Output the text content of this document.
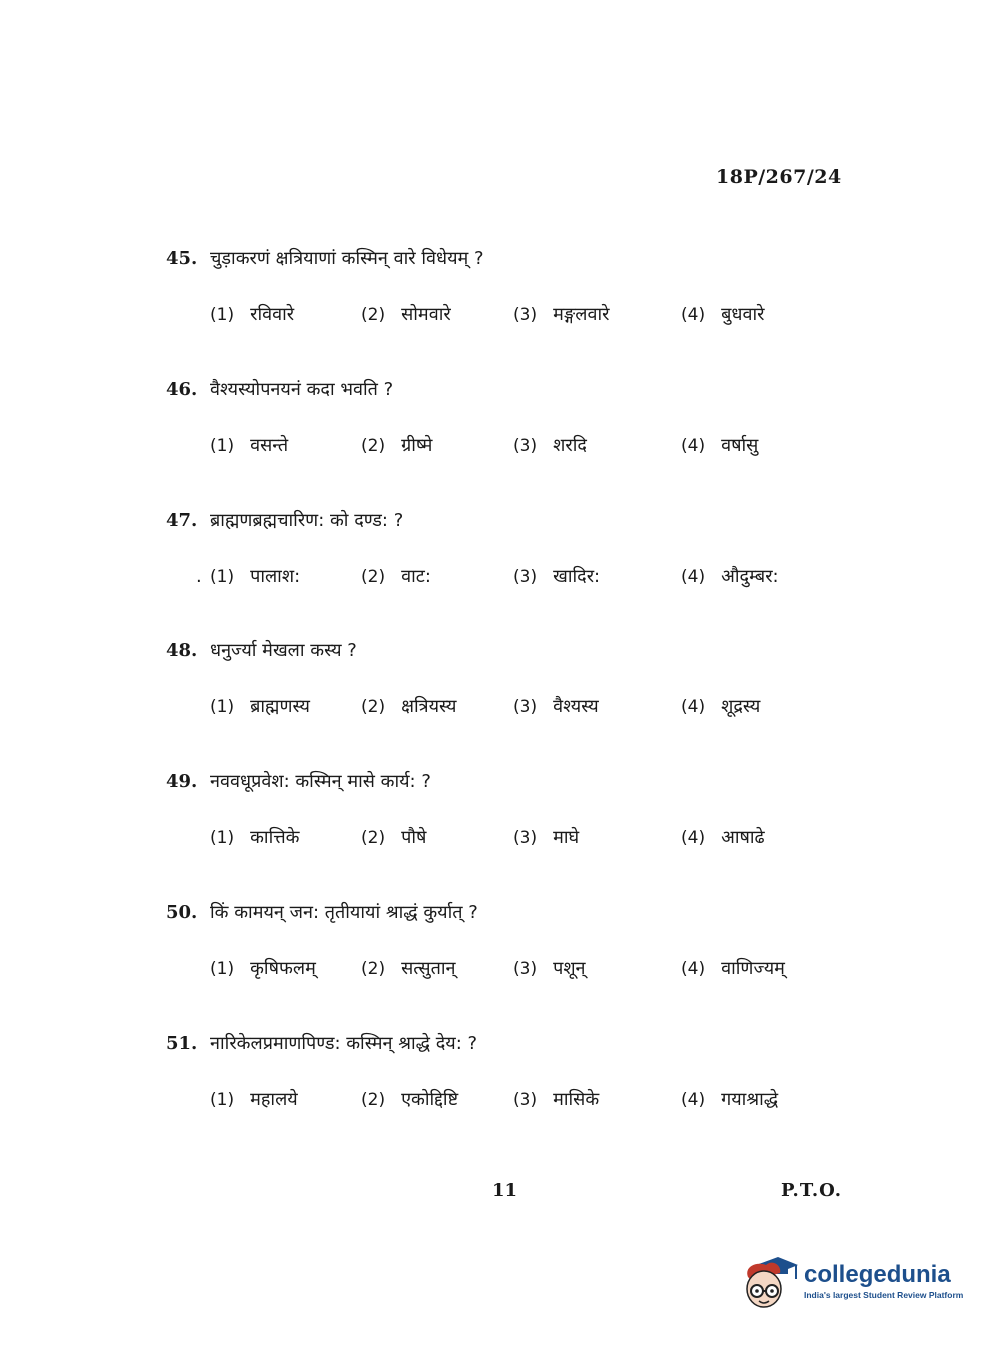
18P/267/24
45. चुड़ाकरणं क्षत्रियाणां कस्मिन् वारे विधेयम् ?
(1) रविवारे	(2) सोमवारे	(3) मङ्गलवारे	(4) बुधवारे
46. वैश्यस्योपनयनं कदा भवति ?
(1) वसन्ते	(2) ग्रीष्मे	(3) शरदि	(4) वर्षासु
47. ब्राह्मणब्रह्मचारिण: को दण्ड: ?
. (1) पालाश:	(2) वाट:	(3) खादिर:	(4) औदुम्बर:
48. धनुर्ज्या मेखला कस्य ?
(1) ब्राह्मणस्य	(2) क्षत्रियस्य	(3) वैश्यस्य	(4) शूद्रस्य
49. नववधूप्रवेश: कस्मिन् मासे कार्य: ?
(1) कात्तिके	(2) पौषे	(3) माघे	(4) आषाढे
50. किं कामयन् जन: तृतीयायां श्राद्धं कुर्यात् ?
(1) कृषिफलम्	(2) सत्सुतान्	(3) पशून्	(4) वाणिज्यम्
51. नारिकेलप्रमाणपिण्ड: कस्मिन् श्राद्धे देय: ?
(1) महालये	(2) एकोद्दिष्टि	(3) मासिके	(4) गयाश्राद्धे
11	P.T.O.
collegedunia
India's largest Student Review Platform
